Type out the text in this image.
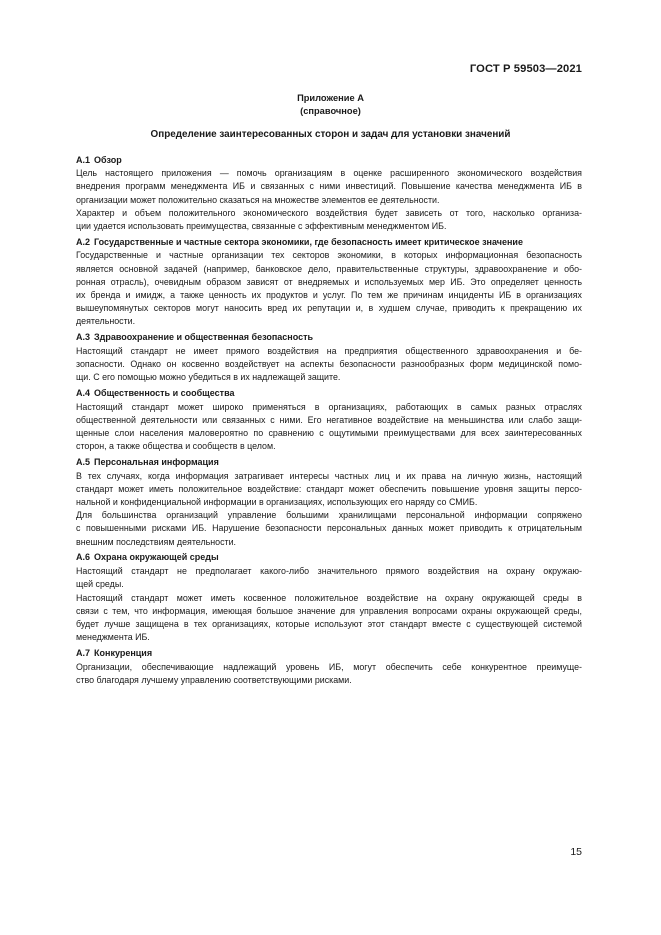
ГОСТ Р 59503—2021
Приложение А
(справочное)
Определение заинтересованных сторон и задач для установки значений
А.1 Обзор
Цель настоящего приложения — помочь организациям в оценке расширенного экономического воздействия
внедрения программ менеджмента ИБ и связанных с ними инвестиций. Повышение качества менеджмента ИБ в
организации может положительно сказаться на множестве элементов ее деятельности.
Характер и объем положительного экономического воздействия будет зависеть от того, насколько организа-
ции удается использовать преимущества, связанные с эффективным менеджментом ИБ.
А.2 Государственные и частные сектора экономики, где безопасность имеет критическое значение
Государственные и частные организации тех секторов экономики, в которых информационная безопасность
является основной задачей (например, банковское дело, правительственные структуры, здравоохранение и обо-
ронная отрасль), очевидным образом зависят от внедряемых и используемых мер ИБ. Это определяет ценность
их бренда и имидж, а также ценность их продуктов и услуг. По тем же причинам инциденты ИБ в организациях
вышеупомянутых секторов могут наносить вред их репутации и, в худшем случае, приводить к прекращению их
деятельности.
А.3 Здравоохранение и общественная безопасность
Настоящий стандарт не имеет прямого воздействия на предприятия общественного здравоохранения и бе-
зопасности. Однако он косвенно воздействует на аспекты безопасности разнообразных форм медицинской помо-
щи. С его помощью можно убедиться в их надлежащей защите.
А.4 Общественность и сообщества
Настоящий стандарт может широко применяться в организациях, работающих в самых разных отраслях
общественной деятельности или связанных с ними. Его негативное воздействие на меньшинства или слабо защи-
щенные слои населения маловероятно по сравнению с ощутимыми преимуществами для всех заинтересованных
сторон, а также общества и сообществ в целом.
А.5 Персональная информация
В тех случаях, когда информация затрагивает интересы частных лиц и их права на личную жизнь, настоящий
стандарт может иметь положительное воздействие: стандарт может обеспечить повышение уровня защиты персо-
нальной и конфиденциальной информации в организациях, использующих его наряду со СМИБ.
Для большинства организаций управление большими хранилищами персональной информации сопряжено
с повышенными рисками ИБ. Нарушение безопасности персональных данных может приводить к отрицательным
внешним последствиям деятельности.
А.6 Охрана окружающей среды
Настоящий стандарт не предполагает какого-либо значительного прямого воздействия на охрану окружаю-
щей среды.
Настоящий стандарт может иметь косвенное положительное воздействие на охрану окружающей среды в
связи с тем, что информация, имеющая большое значение для управления вопросами охраны окружающей среды,
будет лучше защищена в тех организациях, которые используют этот стандарт вместе с существующей системой
менеджмента ИБ.
А.7 Конкуренция
Организации, обеспечивающие надлежащий уровень ИБ, могут обеспечить себе конкурентное преимуще-
ство благодаря лучшему управлению соответствующими рисками.
15
